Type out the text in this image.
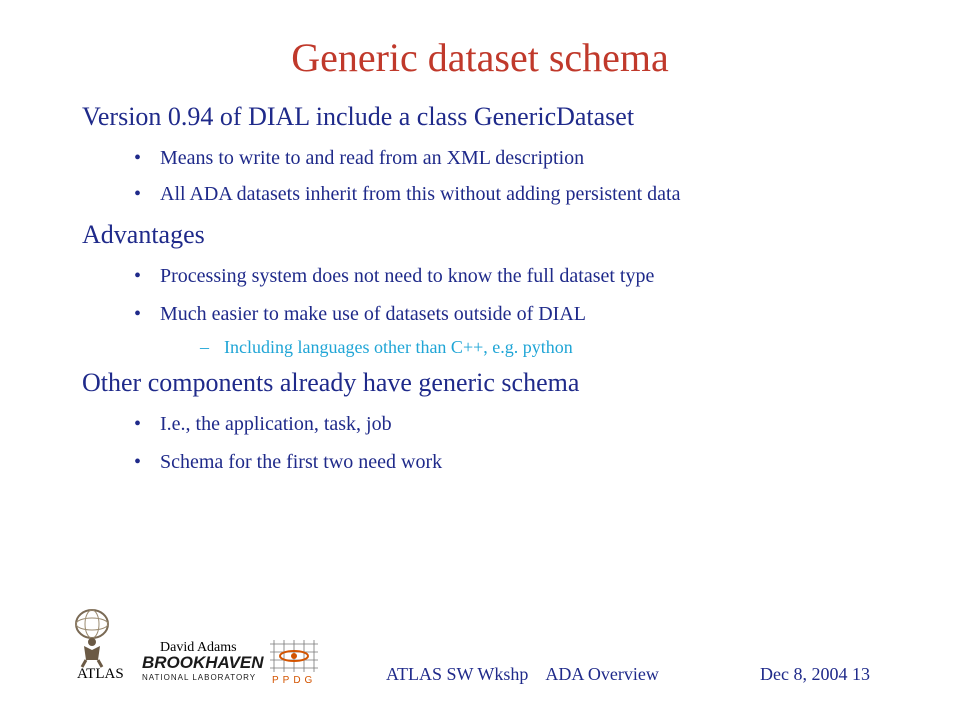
Generic dataset schema

Version 0.94 of DIAL include a class GenericDataset

• Means to write to and read from an XML description

• All ADA datasets inherit from this without adding persistent data

Advantages

• Processing system does not need to know the full dataset type

• Much easier to make use of datasets outside of DIAL

– Including languages other than C++, e.g. python

Other components already have generic schema

• I.e., the application, task, job

• Schema for the first two need work

David Adams
ATLAS
BROOKHAVEN
NATIONAL LABORATORY PPDG	ATLAS SW Wkshp    ADA Overview	Dec 8, 2004 13
